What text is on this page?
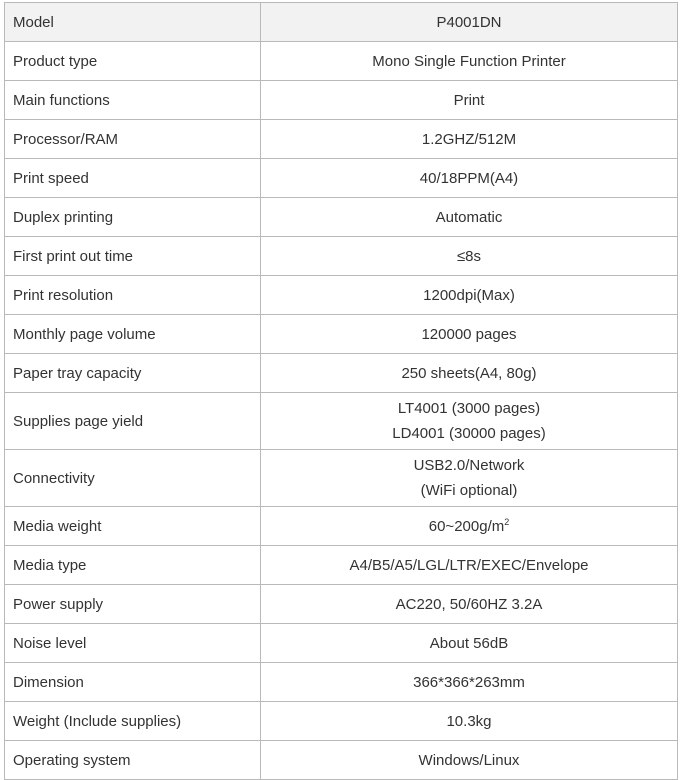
Model	P4001DN
Product type	Mono Single Function Printer
Main functions	Print
Processor/RAM	1.2GHZ/512M
Print speed	40/18PPM(A4)
Duplex printing	Automatic
First print out time	≤8s
Print resolution	1200dpi(Max)
Monthly page volume	120000 pages
Paper tray capacity	250 sheets(A4, 80g)
Supplies page yield	LT4001 (3000 pages)
LD4001 (30000 pages)

Connectivity	USB2.0/Network
(WiFi optional)

Media weight	$60\sim 200g/m^2$
Media type	A4/B5/A5/LGL/LTR/EXEC/Envelope
Power supply	AC220, 50/60HZ 3.2A
Noise level	About 56dB
Dimension	366*366*263mm
Weight (Include supplies)	10.3kg
Operating system	Windows/Linux
